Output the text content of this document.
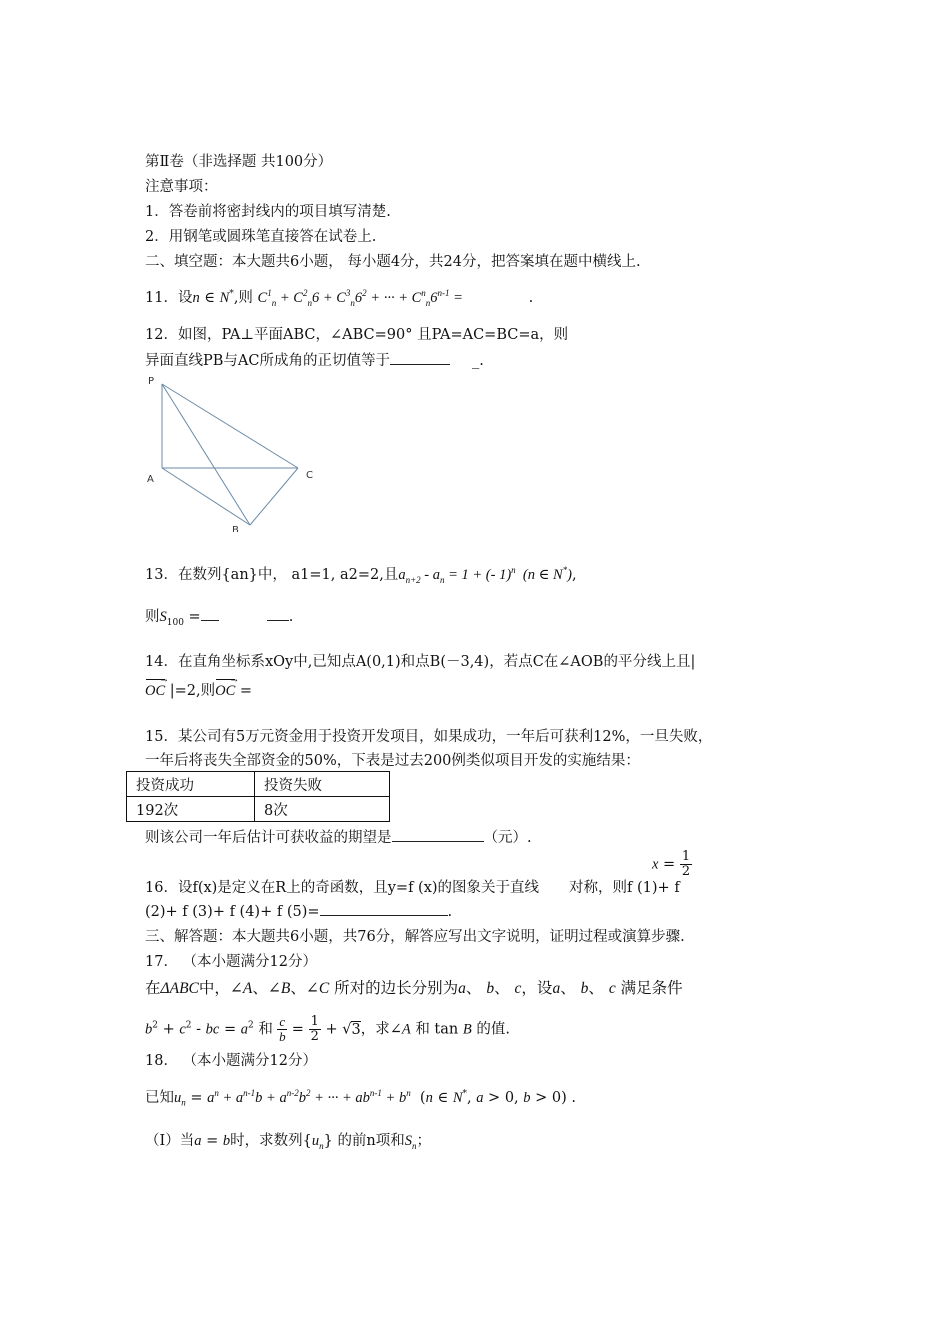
第Ⅱ卷（非选择题 共100分）
注意事项：
1．答卷前将密封线内的项目填写清楚.
2．用钢笔或圆珠笔直接答在试卷上.
二、填空题：本大题共6小题， 每小题4分，共24分，把答案填在题中横线上.
11．设n ∈ N*,则 $C^1_n + C^2_n6 + C^3_n6^2$ + ··· + $C^n_n6^{n-1}$ =	.
12．如图，PA⊥平面ABC，∠ABC=90° 且PA=AC=BC=a，则
异面直线PB与AC所成角的正切值等于	_.
P
A
B
C
13．在数列{an}中， a1=1, a2=2,且$a_{n+2} - a_n = 1$ + (- 1)$^n$  (n ∈ N*),
则$S_{100}$ =	.
14．在直角坐标系xOy中,已知点A(0,1)和点B(－3,4)，若点C在∠AOB的平分线上且|
OC → |=2,则OC → =
15．某公司有5万元资金用于投资开发项目，如果成功，一年后可获利12%，一旦失败，
一年后将丧失全部资金的50%，下表是过去200例类似项目开发的实施结果：
投资成功	投资失败
192次	8次
则该公司一年后估计可获收益的期望是	（元）.
$x = \frac{1}{2}$
16．设f(x)是定义在R上的奇函数，且y=f (x)的图象关于直线 对称，则f (1)+ f
(2)+ f (3)+ f (4)+ f (5)=	.
三、解答题：本大题共6小题，共76分，解答应写出文字说明，证明过程或演算步骤.
17． （本小题满分12分）
在ΔABC中，∠A、∠B、∠C 所对的边长分别为a、 b、 c，设a、 b、 c 满足条件
$b^2 + c^2$ - bc = $a^2$ 和 $\frac{c}{b} = \frac{1}{2} + √3$，求∠A 和 tan B 的值.
18． （本小题满分12分）
已知$u_n = a^n + a^{n-1}b + a^{n-2}b^2$ + ··· + $ab^{n-1} + b^n$  (n ∈ N*, a > 0, b > 0) .
（Ⅰ）当a = b时，求数列$\{u_n\}$ 的前n项和$S_n$；
